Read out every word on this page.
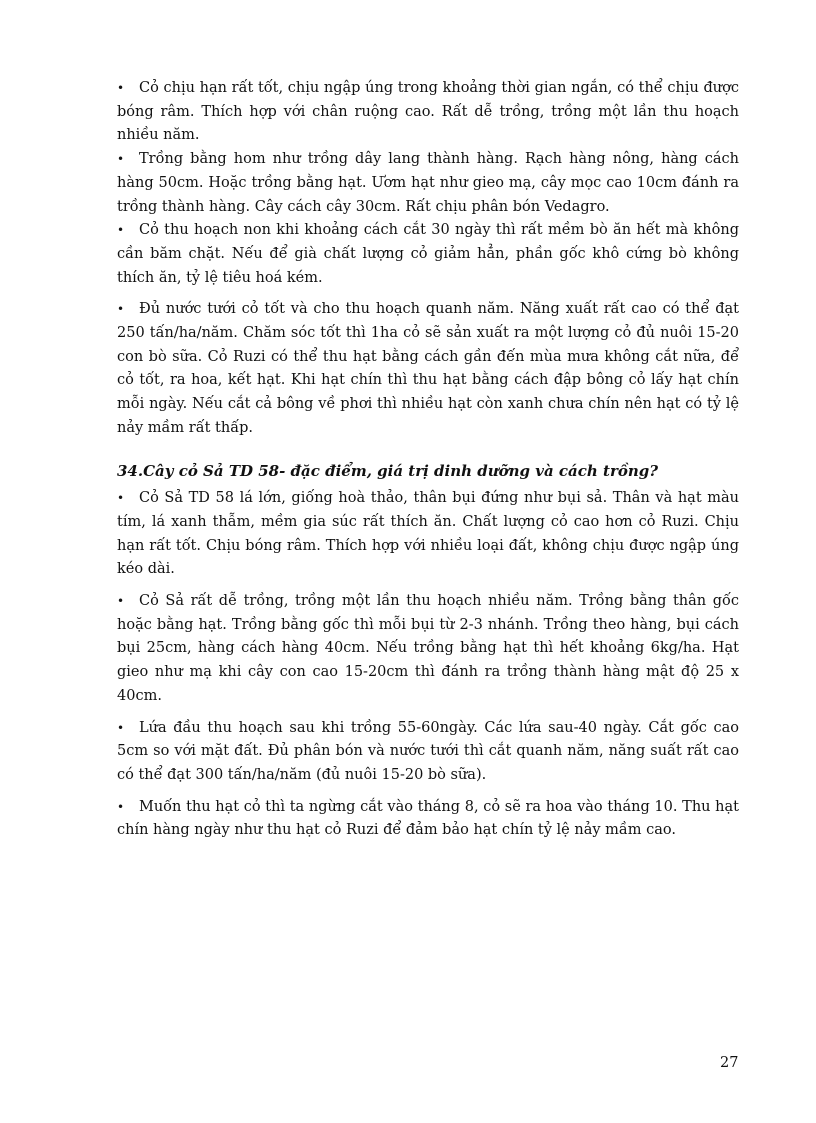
• Cỏ chịu hạn rất tốt, chịu ngập úng trong khoảng thời gian ngắn, có thể chịu được bóng râm. Thích hợp với chân ruộng cao. Rất dễ trồng, trồng một lần thu hoạch nhiều năm.

• Trồng bằng hom như trồng dây lang thành hàng. Rạch hàng nông, hàng cách hàng 50cm. Hoặc trồng bằng hạt. Ươm hạt như gieo mạ, cây mọc cao 10cm đánh ra trồng thành hàng. Cây cách cây 30cm. Rất chịu phân bón Vedagro.

• Cỏ thu hoạch non khi khoảng cách cắt 30 ngày thì rất mềm bò ăn hết mà không cần băm chặt. Nếu để già chất lượng cỏ giảm hẳn, phần gốc khô cứng bò không thích ăn, tỷ lệ tiêu hoá kém.

• Đủ nước tưới cỏ tốt và cho thu hoạch quanh năm. Năng xuất rất cao có thể đạt 250 tấn/ha/năm. Chăm sóc tốt thì 1ha cỏ sẽ sản xuất ra một lượng cỏ đủ nuôi 15-20 con bò sữa. Cỏ Ruzi có thể thu hạt bằng cách gần đến mùa mưa không cắt nữa, để cỏ tốt, ra hoa, kết hạt. Khi hạt chín thì thu hạt bằng cách đập bông cỏ lấy hạt chín mỗi ngày. Nếu cắt cả bông về phơi thì nhiều hạt còn xanh chưa chín nên hạt có tỷ lệ nảy mầm rất thấp.

34.Cây cỏ Sả TD 58- đặc điểm, giá trị dinh dưỡng và cách trồng?

• Cỏ Sả TD 58 lá lớn, giống hoà thảo, thân bụi đứng như bụi sả. Thân và hạt màu tím, lá xanh thẫm, mềm gia súc rất thích ăn. Chất lượng cỏ cao hơn cỏ Ruzi. Chịu hạn rất tốt. Chịu bóng râm. Thích hợp với nhiều loại đất, không chịu được ngập úng kéo dài.

• Cỏ Sả rất dễ trồng, trồng một lần thu hoạch nhiều năm. Trồng bằng thân gốc hoặc bằng hạt. Trồng bằng gốc thì mỗi bụi từ 2-3 nhánh. Trồng theo hàng, bụi cách bụi 25cm, hàng cách hàng 40cm. Nếu trồng bằng hạt thì hết khoảng 6kg/ha. Hạt gieo như mạ khi cây con cao 15-20cm thì đánh ra trồng thành hàng mật độ 25 x 40cm.

• Lứa đầu thu hoạch sau khi trồng 55-60ngày. Các lứa sau-40 ngày. Cắt gốc cao 5cm so với mặt đất. Đủ phân bón và nước tưới thì cắt quanh năm, năng suất rất cao có thể đạt 300 tấn/ha/năm (đủ nuôi 15-20 bò sữa).

• Muốn thu hạt cỏ thì ta ngừng cắt vào tháng 8, cỏ sẽ ra hoa vào tháng 10. Thu hạt chín hàng ngày như thu hạt cỏ Ruzi để đảm bảo hạt chín tỷ lệ nảy mầm cao.

27
